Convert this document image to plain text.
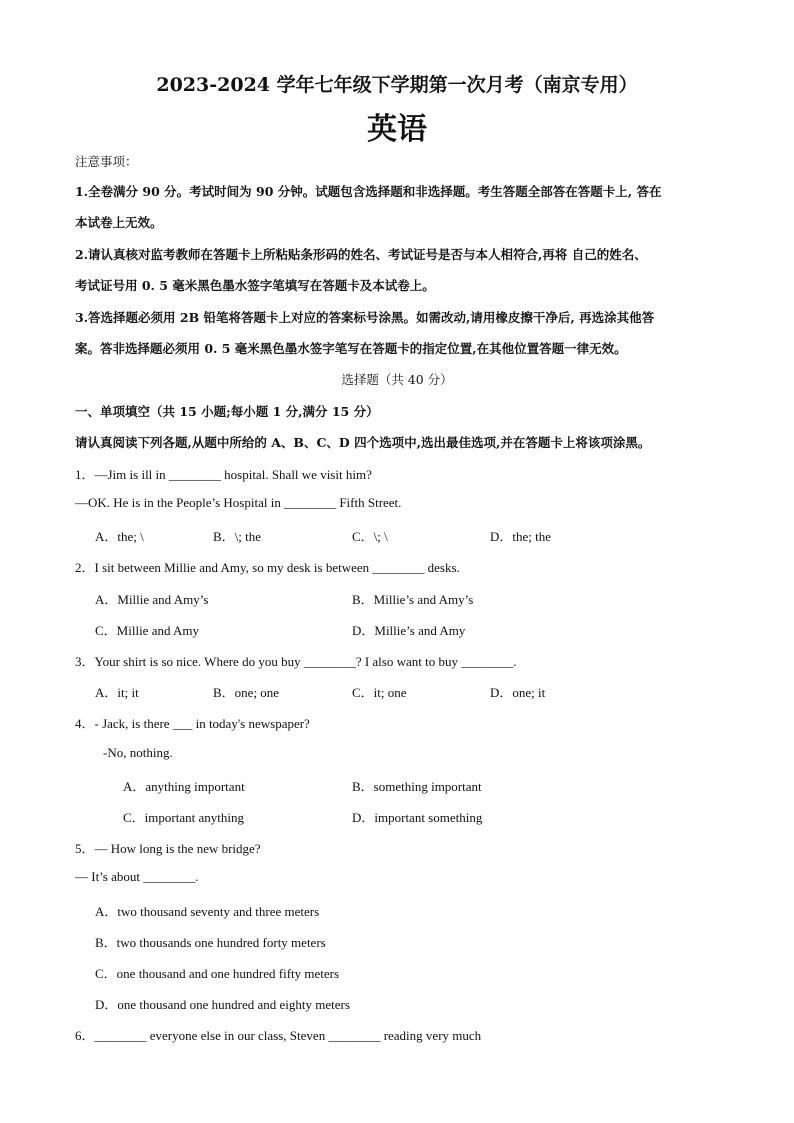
2023-2024 学年七年级下学期第一次月考（南京专用）
英语
注意事项：
1.全卷满分 90 分。考试时间为 90 分钟。试题包含选择题和非选择题。考生答题全部答在答题卡上, 答在
本试卷上无效。
2.请认真核对监考教师在答题卡上所粘贴条形码的姓名、考试证号是否与本人相符合,再将 自己的姓名、
考试证号用 0. 5 毫米黑色墨水签字笔填写在答题卡及本试卷上。
3.答选择题必须用 2B 铅笔将答题卡上对应的答案标号涂黑。如需改动,请用橡皮擦干净后, 再选涂其他答
案。答非选择题必须用 0. 5 毫米黑色墨水签字笔写在答题卡的指定位置,在其他位置答题一律无效。
选择题（共 40 分）
一、单项填空（共 15 小题;每小题 1 分,满分 15 分）
请认真阅读下列各题,从题中所给的 A、B、C、D 四个选项中,选出最佳选项,并在答题卡上将该项涂黑。
1．—Jim is ill in ________ hospital. Shall we visit him?
—OK. He is in the People’s Hospital in ________ Fifth Street.
A．the; \	B．\; the	C．\; \	D．the; the
2．I sit between Millie and Amy, so my desk is between ________ desks.
A．Millie and Amy’s	B．Millie’s and Amy’s
C．Millie and Amy	D．Millie’s and Amy
3．Your shirt is so nice. Where do you buy ________? I also want to buy ________.
A．it; it	B．one; one	C．it; one	D．one; it
4．- Jack, is there ___ in today's newspaper?
-No, nothing.
A．anything important	B．something important
C．important anything	D．important something
5．— How long is the new bridge?
— It’s about ________.
A．two thousand seventy and three meters
B．two thousands one hundred forty meters
C．one thousand and one hundred fifty meters
D．one thousand one hundred and eighty meters
6．________ everyone else in our class, Steven ________ reading very much
